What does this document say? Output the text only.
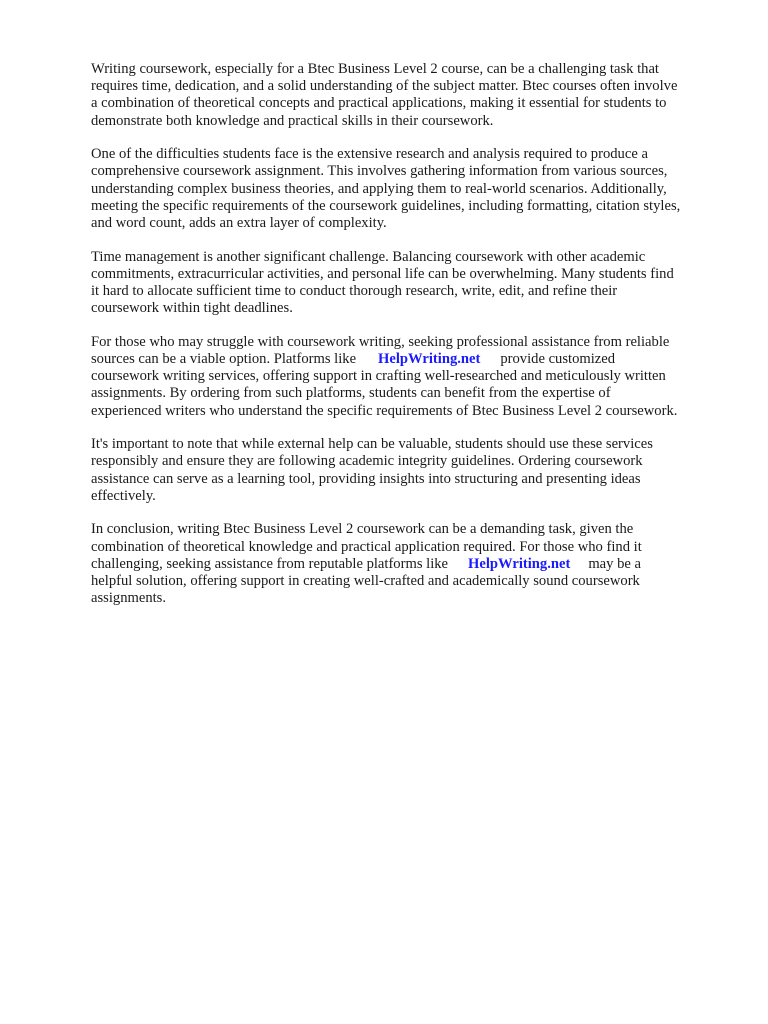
Writing coursework, especially for a Btec Business Level 2 course, can be a challenging task that
requires time, dedication, and a solid understanding of the subject matter. Btec courses often involve
a combination of theoretical concepts and practical applications, making it essential for students to
demonstrate both knowledge and practical skills in their coursework.

One of the difficulties students face is the extensive research and analysis required to produce a
comprehensive coursework assignment. This involves gathering information from various sources,
understanding complex business theories, and applying them to real-world scenarios. Additionally,
meeting the specific requirements of the coursework guidelines, including formatting, citation styles,
and word count, adds an extra layer of complexity.

Time management is another significant challenge. Balancing coursework with other academic
commitments, extracurricular activities, and personal life can be overwhelming. Many students find
it hard to allocate sufficient time to conduct thorough research, write, edit, and refine their
coursework within tight deadlines.

For those who may struggle with coursework writing, seeking professional assistance from reliable
sources can be a viable option. Platforms like HelpWriting.net provide customized
coursework writing services, offering support in crafting well-researched and meticulously written
assignments. By ordering from such platforms, students can benefit from the expertise of
experienced writers who understand the specific requirements of Btec Business Level 2 coursework.

It's important to note that while external help can be valuable, students should use these services
responsibly and ensure they are following academic integrity guidelines. Ordering coursework
assistance can serve as a learning tool, providing insights into structuring and presenting ideas
effectively.

In conclusion, writing Btec Business Level 2 coursework can be a demanding task, given the
combination of theoretical knowledge and practical application required. For those who find it
challenging, seeking assistance from reputable platforms like HelpWriting.net may be a
helpful solution, offering support in creating well-crafted and academically sound coursework
assignments.
